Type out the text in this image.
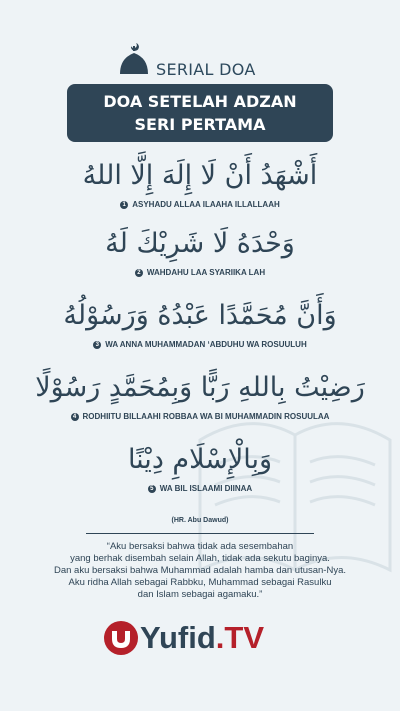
SERIAL DOA
DOA SETELAH ADZAN
SERI PERTAMA
أَشْهَدُ أَنْ لَا إِلَهَ إِلَّا اللهُ
1 ASYHADU ALLAA ILAAHA ILLALLAAH
وَحْدَهُ لَا شَرِيْكَ لَهُ
2 WAHDAHU LAA SYARIIKA LAH
وَأَنَّ مُحَمَّدًا عَبْدُهُ وَرَسُوْلُهُ
3 WA ANNA MUHAMMADAN ‘ABDUHU WA ROSUULUH
رَضِيْتُ بِاللهِ رَبًّا وَبِمُحَمَّدٍ رَسُوْلًا
4 RODHIITU BILLAAHI ROBBAA WA BI MUHAMMADIN ROSUULAA
وَبِالْإِسْلَامِ دِيْنًا
5 WA BIL ISLAAMI DIINAA
(HR. Abu Dawud)
“Aku bersaksi bahwa tidak ada sesembahan
yang berhak disembah selain Allah, tidak ada sekutu baginya.
Dan aku bersaksi bahwa Muhammad adalah hamba dan utusan-Nya.
Aku ridha Allah sebagai Rabbku, Muhammad sebagai Rasulku
dan Islam sebagai agamaku.”
Yufid.TV
